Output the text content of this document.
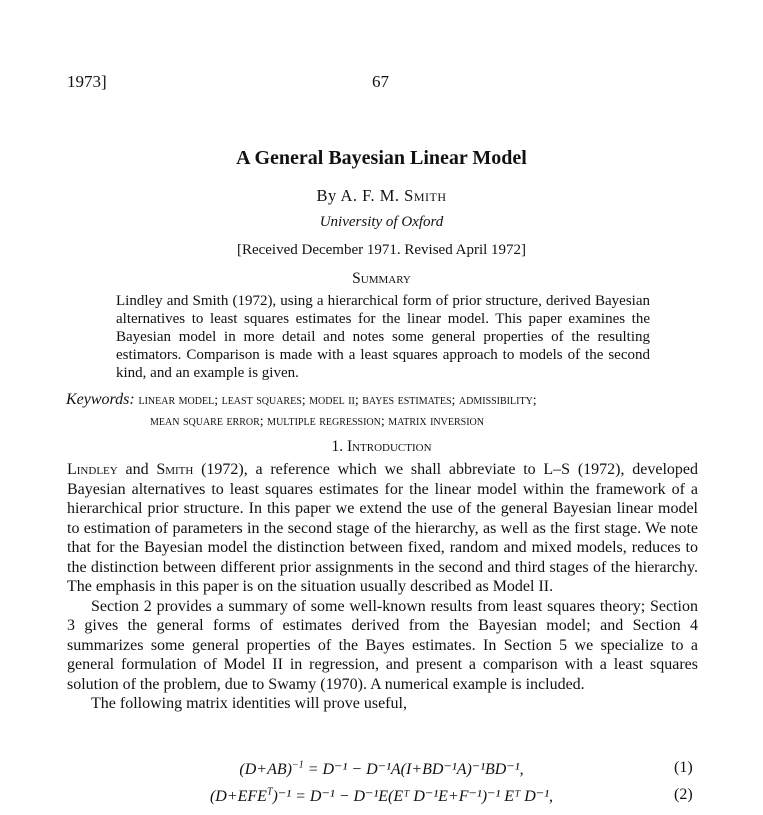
1973]	67
A General Bayesian Linear Model
By A. F. M. Smith
University of Oxford
[Received December 1971. Revised April 1972]
Summary
Lindley and Smith (1972), using a hierarchical form of prior structure, derived Bayesian alternatives to least squares estimates for the linear model. This paper examines the Bayesian model in more detail and notes some general properties of the resulting estimators. Comparison is made with a least squares approach to models of the second kind, and an example is given.
Keywords: linear model; least squares; model ii; bayes estimates; admissibility;
mean square error; multiple regression; matrix inversion
1. Introduction

Lindley and Smith (1972), a reference which we shall abbreviate to L–S (1972), developed Bayesian alternatives to least squares estimates for the linear model within the framework of a hierarchical prior structure. In this paper we extend the use of the general Bayesian linear model to estimation of parameters in the second stage of the hierarchy, as well as the first stage. We note that for the Bayesian model the distinction between fixed, random and mixed models, reduces to the distinction between different prior assignments in the second and third stages of the hierarchy. The emphasis in this paper is on the situation usually described as Model II.

Section 2 provides a summary of some well-known results from least squares theory; Section 3 gives the general forms of estimates derived from the Bayesian model; and Section 4 summarizes some general properties of the Bayes estimates. In Section 5 we specialize to a general formulation of Model II in regression, and present a comparison with a least squares solution of the problem, due to Swamy (1970). A numerical example is included.

The following matrix identities will prove useful,

$(D+AB)^{-1} = D^{-1} - D^{-1}A(I+BD^{-1}A)^{-1}BD^{-1}$,	(1)
$(D+EFE^T)^{-1} = D^{-1}$ − D⁻¹E(Eᵀ D⁻¹E+F⁻¹)⁻¹ Eᵀ D⁻¹,	(2)
